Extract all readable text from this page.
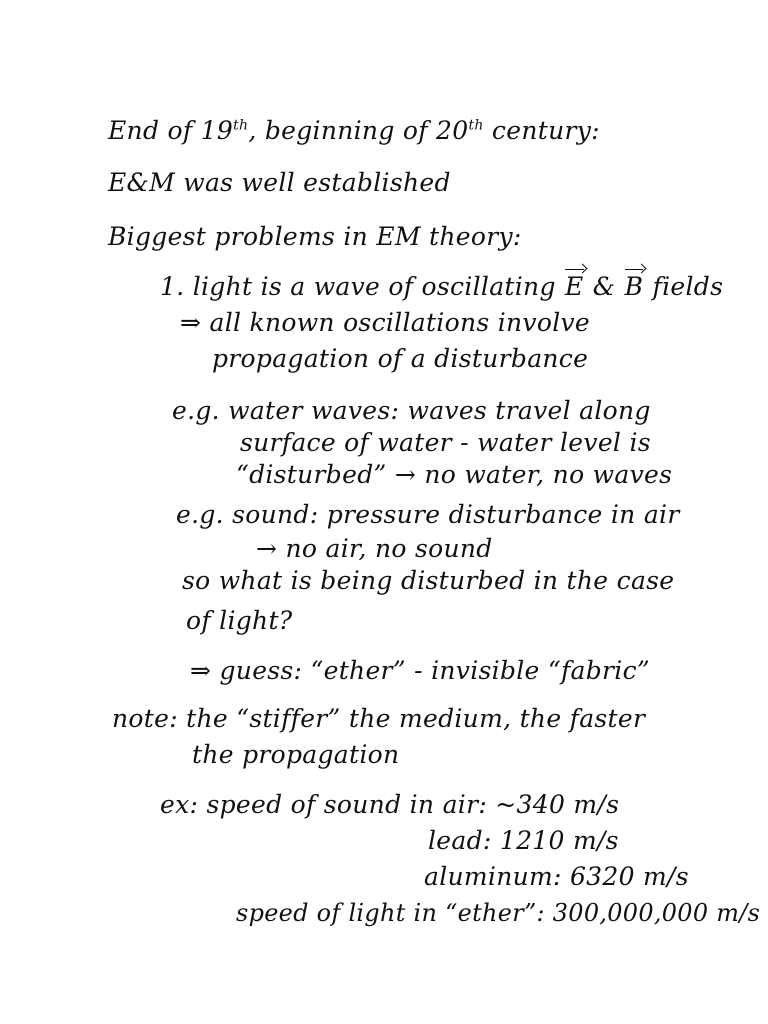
End of 19th, beginning of 20th century:
E&M was well established
Biggest problems in EM theory:
1. light is a wave of oscillating E & B fields
⇒ all known oscillations involve
propagation of a disturbance
e.g. water waves: waves travel along
surface of water - water level is
“disturbed” → no water, no waves
e.g. sound: pressure disturbance in air
→ no air, no sound
so what is being disturbed in the case
of light?
⇒ guess: “ether” - invisible “fabric”
note: the “stiffer” the medium, the faster
the propagation
ex: speed of sound in air: ~340 m/s
lead: 1210 m/s
aluminum: 6320 m/s
speed of light in “ether”: 300,000,000 m/s
